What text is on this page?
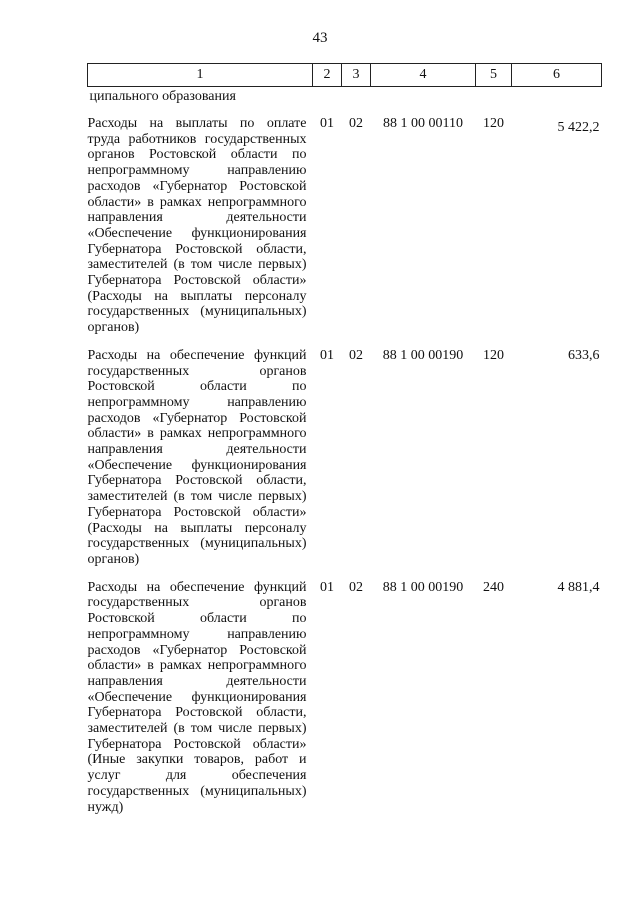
43
1	2	3	4	5	6
ципального образования					
Расходы на выплаты по оплате труда работников государственных органов Ростовской области по непрограммному направлению расходов «Губернатор Ростовской области» в рамках непрограммного направления деятельности «Обеспечение функционирования Губернатора Ростовской области, заместителей (в том числе первых) Губернатора Ростовской области» (Расходы на выплаты персоналу государственных (муниципальных) органов)	01	02	88 1 00 00110	120	5 422,2
Расходы на обеспечение функций государственных органов Ростовской области по непрограммному направлению расходов «Губернатор Ростовской области» в рамках непрограммного направления деятельности «Обеспечение функционирования Губернатора Ростовской области, заместителей (в том числе первых) Губернатора Ростовской области» (Расходы на выплаты персоналу государственных (муниципальных) органов)	01	02	88 1 00 00190	120	633,6
Расходы на обеспечение функций государственных органов Ростовской области по непрограммному направлению расходов «Губернатор Ростовской области» в рамках непрограммного направления деятельности «Обеспечение функционирования Губернатора Ростовской области, заместителей (в том числе первых) Губернатора Ростовской области» (Иные закупки товаров, работ и услуг для обеспечения государственных (муниципальных) нужд)	01	02	88 1 00 00190	240	4 881,4
